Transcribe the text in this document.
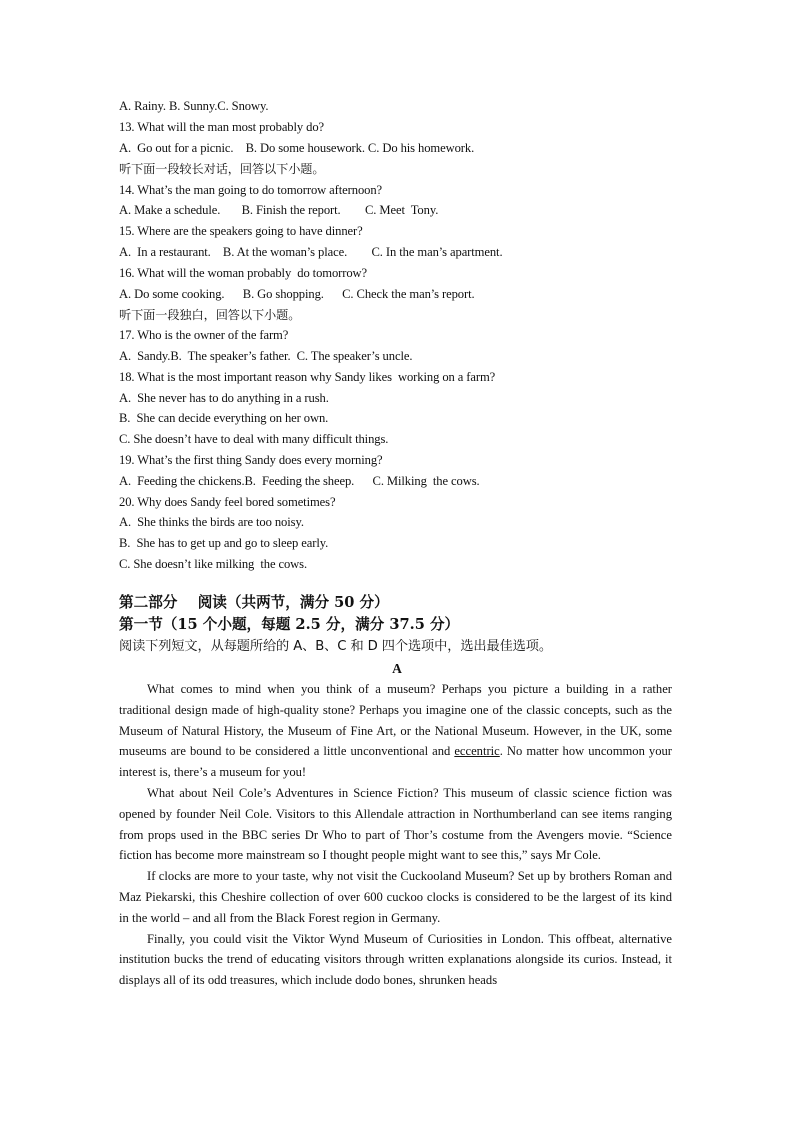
A. Rainy. B. Sunny.C. Snowy.
13. What will the man most probably do?
A.  Go out for a picnic.    B. Do some housework. C. Do his homework.
听下面一段较长对话，回答以下小题。
14. What’s the man going to do tomorrow afternoon?
A. Make a schedule.       B. Finish the report.        C. Meet  Tony.
15. Where are the speakers going to have dinner?
A.  In a restaurant.    B. At the woman’s place.        C. In the man’s apartment.
16. What will the woman probably  do tomorrow?
A. Do some cooking.      B. Go shopping.      C. Check the man’s report.
听下面一段独白，回答以下小题。
17. Who is the owner of the farm?
A.  Sandy.B.  The speaker’s father.  C. The speaker’s uncle.
18. What is the most important reason why Sandy likes  working on a farm?
A.  She never has to do anything in a rush.
B.  She can decide everything on her own.
C. She doesn’t have to deal with many difficult things.
19. What’s the first thing Sandy does every morning?
A.  Feeding the chickens.B.  Feeding the sheep.      C. Milking  the cows.
20. Why does Sandy feel bored sometimes?
A.  She thinks the birds are too noisy.
B.  She has to get up and go to sleep early.
C. She doesn’t like milking  the cows.
第二部分    阅读（共两节，满分 50 分）
第一节（15 个小题，每题 2.5 分，满分 37.5 分）
阅读下列短文，从每题所给的 A、B、C 和 D 四个选项中，选出最佳选项。
A

What comes to mind when you think of a museum? Perhaps you picture a building in a rather traditional design made of high-quality stone? Perhaps you imagine one of the classic concepts, such as the Museum of Natural History, the Museum of Fine Art, or the National Museum. However, in the UK, some museums are bound to be considered a little unconventional and eccentric. No matter how uncommon your interest is, there’s a museum for you!

What about Neil Cole’s Adventures in Science Fiction? This museum of classic science fiction was opened by founder Neil Cole. Visitors to this Allendale attraction in Northumberland can see items ranging from props used in the BBC series Dr Who to part of Thor’s costume from the Avengers movie. “Science fiction has become more mainstream so I thought people might want to see this,” says Mr Cole.

If clocks are more to your taste, why not visit the Cuckooland Museum? Set up by brothers Roman and Maz Piekarski, this Cheshire collection of over 600 cuckoo clocks is considered to be the largest of its kind in the world – and all from the Black Forest region in Germany.

Finally, you could visit the Viktor Wynd Museum of Curiosities in London. This offbeat, alternative institution bucks the trend of educating visitors through written explanations alongside its curios. Instead, it displays all of its odd treasures, which include dodo bones, shrunken heads
